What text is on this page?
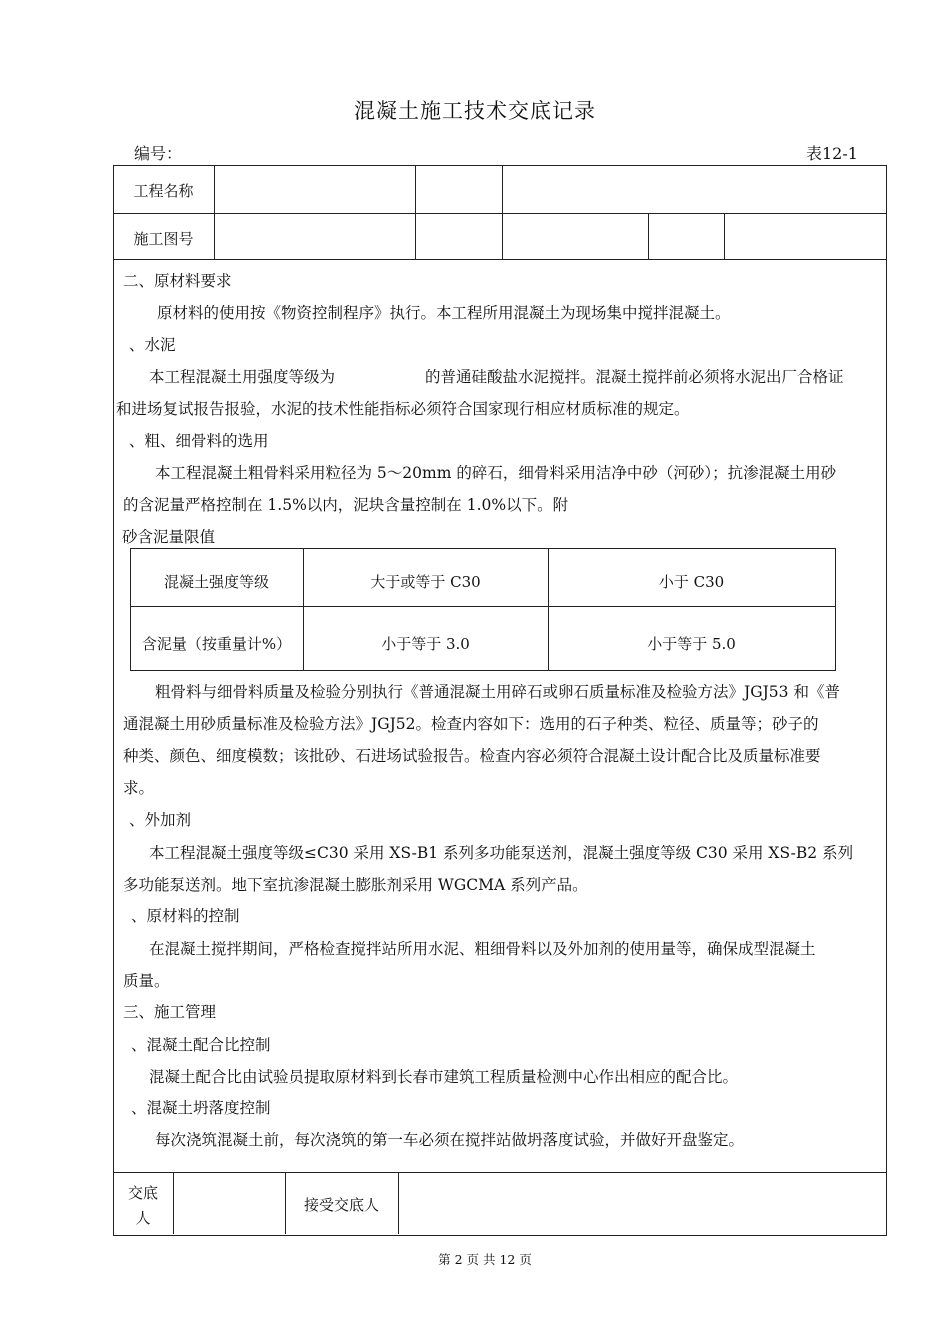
混凝土施工技术交底记录
编号：	表12-1
工程名称
施工图号
二、原材料要求
原材料的使用按《物资控制程序》执行。本工程所用混凝土为现场集中搅拌混凝土。
、水泥
本工程混凝土用强度等级为	的普通硅酸盐水泥搅拌。混凝土搅拌前必须将水泥出厂合格证
和进场复试报告报验，水泥的技术性能指标必须符合国家现行相应材质标准的规定。
、粗、细骨料的选用
本工程混凝土粗骨料采用粒径为 5～20mm 的碎石，细骨料采用洁净中砂（河砂）；抗渗混凝土用砂
的含泥量严格控制在 1.5%以内，泥块含量控制在 1.0%以下。附
砂含泥量限值
混凝土强度等级	大于或等于 C30	小于 C30
含泥量（按重量计%）	小于等于 3.0	小于等于 5.0
粗骨料与细骨料质量及检验分别执行《普通混凝土用碎石或卵石质量标准及检验方法》JGJ53 和《普
通混凝土用砂质量标准及检验方法》JGJ52。检查内容如下：选用的石子种类、粒径、质量等；砂子的
种类、颜色、细度模数；该批砂、石进场试验报告。检查内容必须符合混凝土设计配合比及质量标准要
求。
、外加剂
本工程混凝土强度等级≤C30 采用 XS-B1 系列多功能泵送剂，混凝土强度等级 C30 采用 XS-B2 系列
多功能泵送剂。地下室抗渗混凝土膨胀剂采用 WGCMA 系列产品。
、原材料的控制
在混凝土搅拌期间，严格检查搅拌站所用水泥、粗细骨料以及外加剂的使用量等，确保成型混凝土
质量。
三、施工管理
、混凝土配合比控制
混凝土配合比由试验员提取原材料到长春市建筑工程质量检测中心作出相应的配合比。
、混凝土坍落度控制
每次浇筑混凝土前，每次浇筑的第一车必须在搅拌站做坍落度试验，并做好开盘鉴定。
交底
人
接受交底人
第 2 页 共 12 页
